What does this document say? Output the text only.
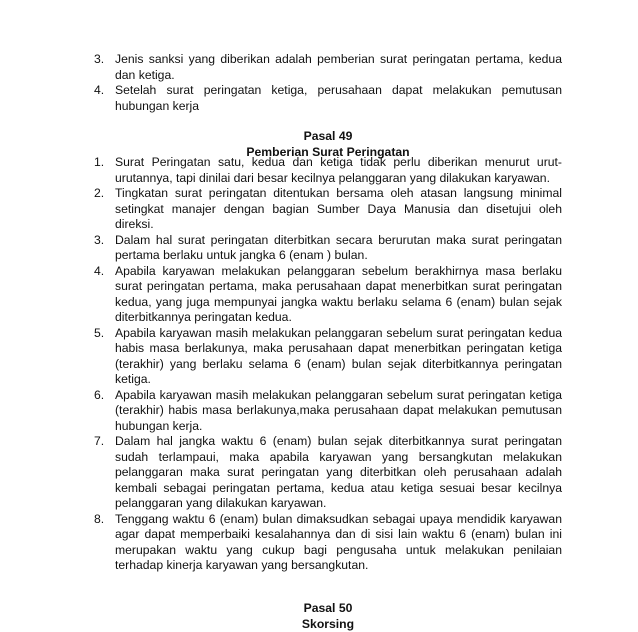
3. Jenis sanksi yang diberikan adalah pemberian surat peringatan pertama, kedua dan ketiga.
4. Setelah surat peringatan ketiga, perusahaan dapat melakukan pemutusan hubungan kerja
Pasal 49
Pemberian Surat Peringatan
1. Surat Peringatan satu, kedua dan ketiga tidak perlu diberikan menurut urut-urutannya, tapi dinilai dari besar kecilnya pelanggaran yang dilakukan karyawan.
2. Tingkatan surat peringatan ditentukan bersama oleh atasan langsung minimal setingkat manajer dengan bagian Sumber Daya Manusia dan disetujui oleh direksi.
3. Dalam hal surat peringatan diterbitkan secara berurutan maka surat peringatan pertama berlaku untuk jangka 6 (enam ) bulan.
4. Apabila karyawan melakukan pelanggaran sebelum berakhirnya masa berlaku surat peringatan pertama, maka perusahaan dapat menerbitkan surat peringatan kedua, yang juga mempunyai jangka waktu berlaku selama 6 (enam) bulan sejak diterbitkannya peringatan kedua.
5. Apabila karyawan masih melakukan pelanggaran sebelum surat peringatan kedua habis masa berlakunya, maka perusahaan dapat menerbitkan peringatan ketiga (terakhir) yang berlaku selama 6 (enam) bulan sejak diterbitkannya peringatan ketiga.
6. Apabila karyawan masih melakukan pelanggaran sebelum surat peringatan ketiga (terakhir) habis masa berlakunya,maka perusahaan dapat melakukan pemutusan hubungan kerja.
7. Dalam hal jangka waktu 6 (enam) bulan sejak diterbitkannya surat peringatan sudah terlampaui, maka apabila karyawan yang bersangkutan melakukan pelanggaran maka surat peringatan yang diterbitkan oleh perusahaan adalah kembali sebagai peringatan pertama, kedua atau ketiga sesuai besar kecilnya pelanggaran yang dilakukan karyawan.
8. Tenggang waktu 6 (enam) bulan dimaksudkan sebagai upaya mendidik karyawan agar dapat memperbaiki kesalahannya dan di sisi lain waktu 6 (enam) bulan ini merupakan waktu yang cukup bagi pengusaha untuk melakukan penilaian terhadap kinerja karyawan yang bersangkutan.
Pasal 50
Skorsing
